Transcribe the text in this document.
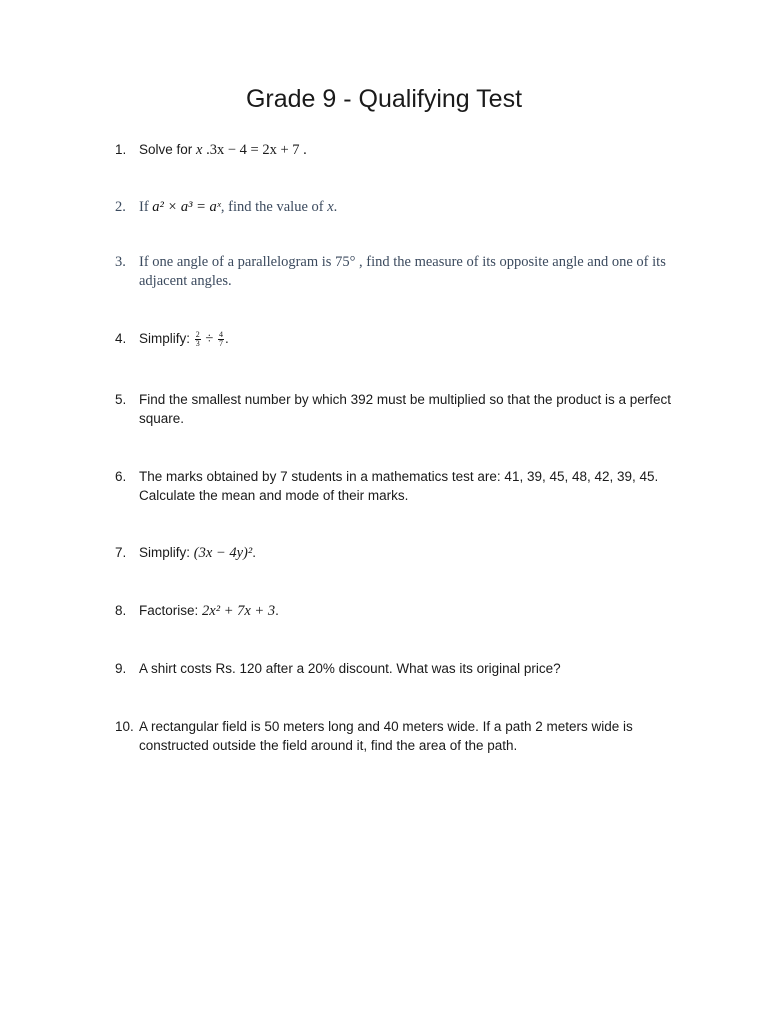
Grade 9 - Qualifying Test
1. Solve for x .3x − 4 = 2x + 7 .
2. If a² × a³ = aˣ, find the value of x.
3. If one angle of a parallelogram is 75° , find the measure of its opposite angle and one of its adjacent angles.
4. Simplify: $\frac{2}{3} \div \frac{4}{7}$ .
5. Find the smallest number by which 392 must be multiplied so that the product is a perfect square.
6. The marks obtained by 7 students in a mathematics test are: 41, 39, 45, 48, 42, 39, 45. Calculate the mean and mode of their marks.
7. Simplify: (3x − 4y)².
8. Factorise: 2x² + 7x + 3.
9. A shirt costs Rs. 120 after a 20% discount. What was its original price?
10. A rectangular field is 50 meters long and 40 meters wide. If a path 2 meters wide is constructed outside the field around it, find the area of the path.
